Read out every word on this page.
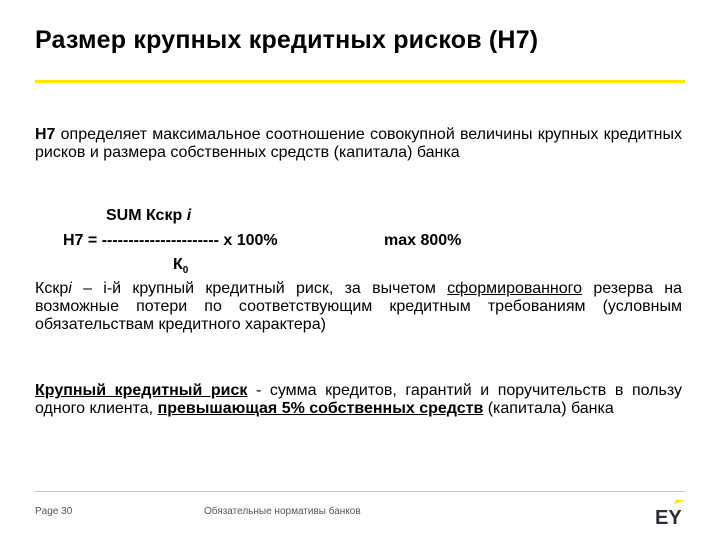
Размер крупных кредитных рисков (Н7)
Н7 определяет максимальное соотношение совокупной величины крупных кредитных рисков и размера собственных средств (капитала) банка
SUM Кскр i
Н7 = ---------------------- х 100%	max 800%
$К_0$
Кскрi – i-й крупный кредитный риск, за вычетом сформированного резерва на возможные потери по соответствующим кредитным требованиям (условным обязательствам кредитного характера)
Крупный кредитный риск - сумма кредитов, гарантий и поручительств в пользу одного клиента, превышающая 5% собственных средств (капитала) банка
Page 30	Обязательные нормативы банков	EY
